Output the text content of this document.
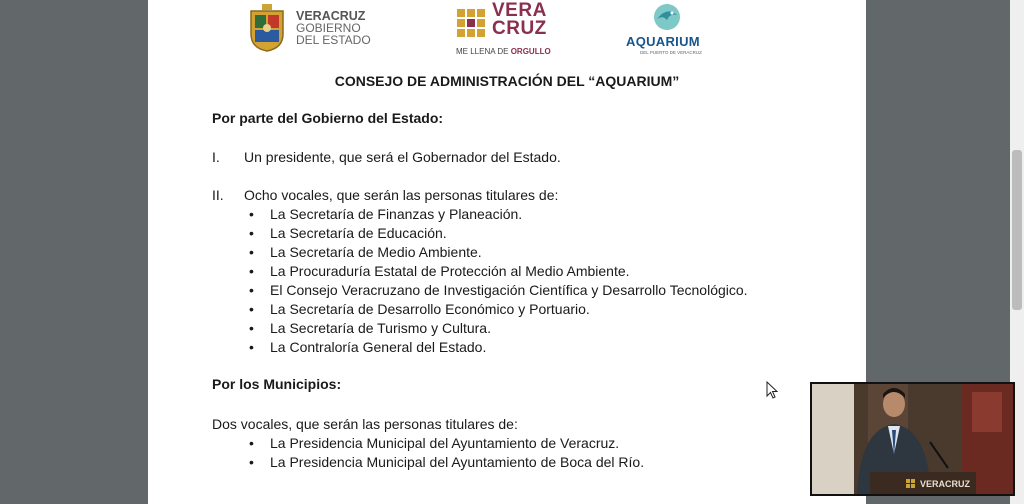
VERACRUZ
GOBIERNO
DEL ESTADO
VERA
CRUZ
ME LLENA DE ORGULLO
AQUARIUM
DEL PUERTO DE VERACRUZ
CONSEJO DE ADMINISTRACIÓN DEL “AQUARIUM”
Por parte del Gobierno del Estado:
I. Un presidente, que será el Gobernador del Estado.
II. Ocho vocales, que serán las personas titulares de:
• La Secretaría de Finanzas y Planeación.
• La Secretaría de Educación.
• La Secretaría de Medio Ambiente.
• La Procuraduría Estatal de Protección al Medio Ambiente.
• El Consejo Veracruzano de Investigación Científica y Desarrollo Tecnológico.
• La Secretaría de Desarrollo Económico y Portuario.
• La Secretaría de Turismo y Cultura.
• La Contraloría General del Estado.
Por los Municipios:
Dos vocales, que serán las personas titulares de:
• La Presidencia Municipal del Ayuntamiento de Veracruz.
• La Presidencia Municipal del Ayuntamiento de Boca del Río.
VERACRUZ
